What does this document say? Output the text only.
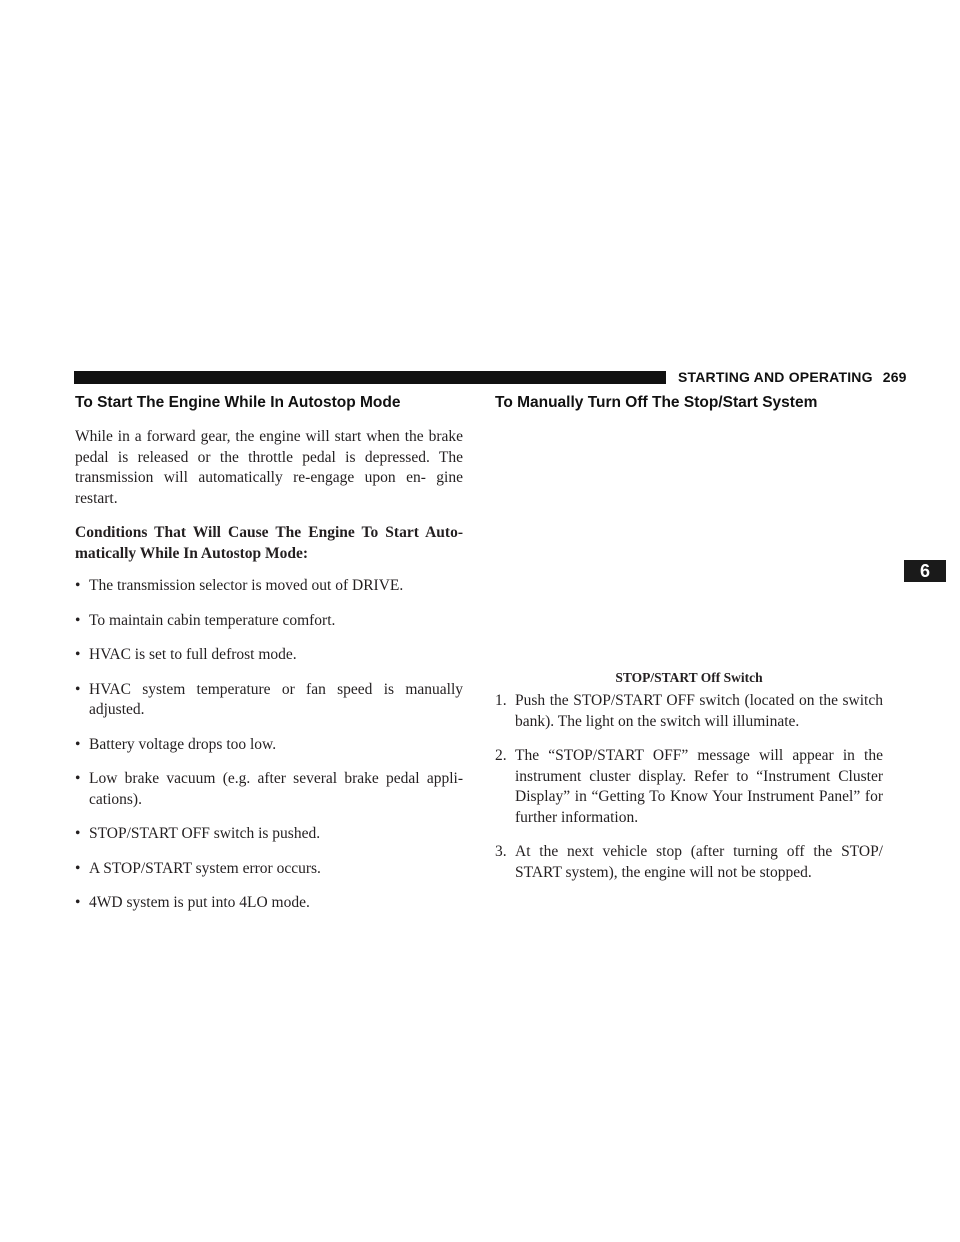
STARTING AND OPERATING 269
6
To Start The Engine While In Autostop Mode

While in a forward gear, the engine will start when the brake pedal is released or the throttle pedal is depressed. The transmission will automatically re-engage upon en- gine restart.

Conditions That Will Cause The Engine To Start Auto- matically While In Autostop Mode:

• The transmission selector is moved out of DRIVE.
• To maintain cabin temperature comfort.
• HVAC is set to full defrost mode.
• HVAC system temperature or fan speed is manually adjusted.
• Battery voltage drops too low.
• Low brake vacuum (e.g. after several brake pedal appli- cations).
• STOP/START OFF switch is pushed.
• A STOP/START system error occurs.
• 4WD system is put into 4LO mode.
To Manually Turn Off The Stop/Start System
STOP/START Off Switch
1. Push the STOP/START OFF switch (located on the switch bank). The light on the switch will illuminate.
2. The “STOP/START OFF” message will appear in the instrument cluster display. Refer to “Instrument Cluster Display” in “Getting To Know Your Instrument Panel” for further information.
3. At the next vehicle stop (after turning off the STOP/ START system), the engine will not be stopped.
